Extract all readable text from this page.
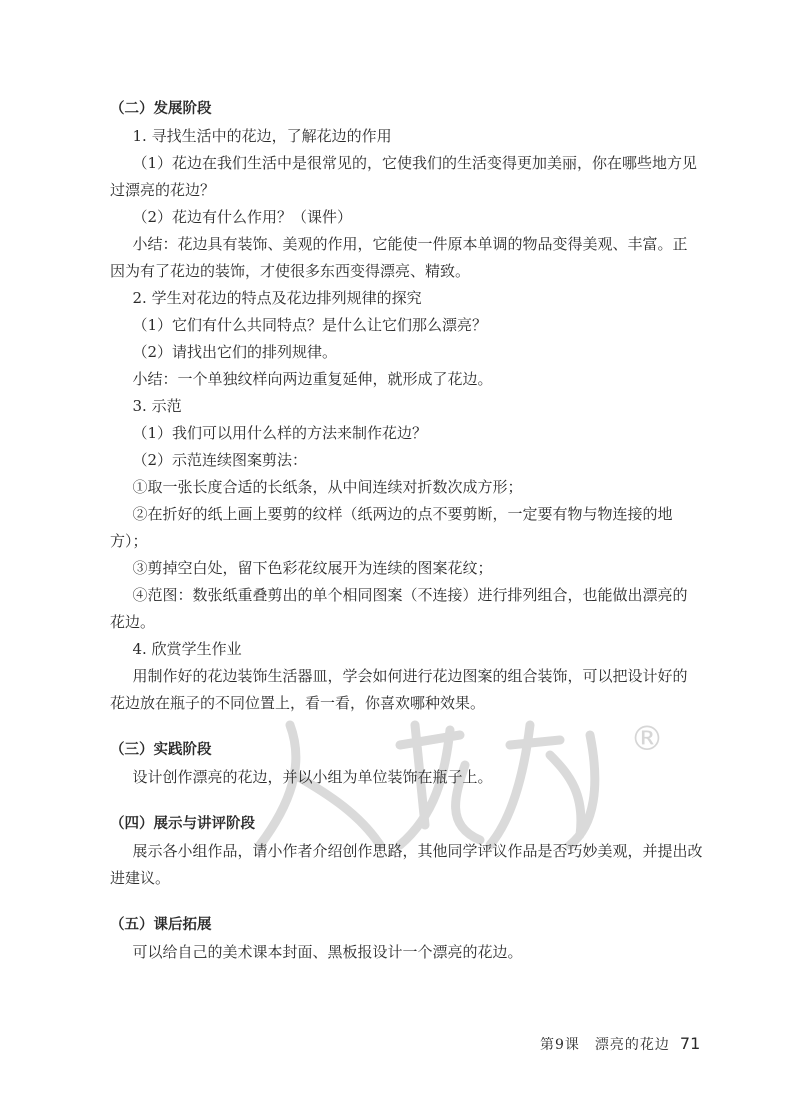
®

（二）发展阶段

1. 寻找生活中的花边，了解花边的作用

（1）花边在我们生活中是很常见的，它使我们的生活变得更加美丽，你在哪些地方见

过漂亮的花边？

（2）花边有什么作用？（课件）

小结：花边具有装饰、美观的作用，它能使一件原本单调的物品变得美观、丰富。正

因为有了花边的装饰，才使很多东西变得漂亮、精致。

2. 学生对花边的特点及花边排列规律的探究

（1）它们有什么共同特点？是什么让它们那么漂亮？

（2）请找出它们的排列规律。

小结：一个单独纹样向两边重复延伸，就形成了花边。

3. 示范

（1）我们可以用什么样的方法来制作花边？

（2）示范连续图案剪法：

①取一张长度合适的长纸条，从中间连续对折数次成方形；

②在折好的纸上画上要剪的纹样（纸两边的点不要剪断，一定要有物与物连接的地

方）；

③剪掉空白处，留下色彩花纹展开为连续的图案花纹；

④范图：数张纸重叠剪出的单个相同图案（不连接）进行排列组合，也能做出漂亮的

花边。

4. 欣赏学生作业

用制作好的花边装饰生活器皿，学会如何进行花边图案的组合装饰，可以把设计好的

花边放在瓶子的不同位置上，看一看，你喜欢哪种效果。

（三）实践阶段

设计创作漂亮的花边，并以小组为单位装饰在瓶子上。

（四）展示与讲评阶段

展示各小组作品，请小作者介绍创作思路，其他同学评议作品是否巧妙美观，并提出改

进建议。

（五）课后拓展

可以给自己的美术课本封面、黑板报设计一个漂亮的花边。

第9课　漂亮的花边 71
